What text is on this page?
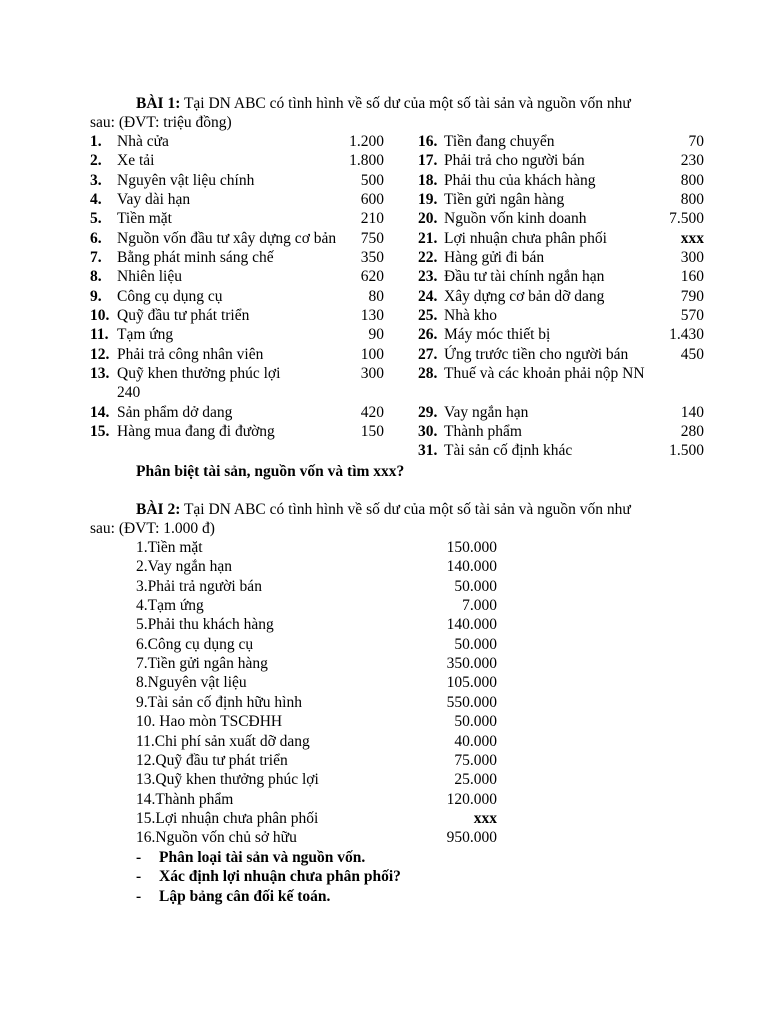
BÀI 1: Tại DN ABC có tình hình về số dư của một số tài sản và nguồn vốn như
sau: (ĐVT: triệu đồng)
1. Nhà cửa	1.200
2. Xe tải	1.800
3. Nguyên vật liệu chính	500
4. Vay dài hạn	600
5. Tiền mặt	210
6. Nguồn vốn đầu tư xây dựng cơ bản 750
7. Bằng phát minh sáng chế	350
8. Nhiên liệu	620
9. Công cụ dụng cụ	80
10. Quỹ đầu tư phát triển	130
11. Tạm ứng	90
12. Phải trả công nhân viên	100
13. Quỹ khen thưởng phúc lợi	300
240
14. Sản phẩm dở dang	420
15. Hàng mua đang đi đường	150
16. Tiền đang chuyển	70
17. Phải trả cho người bán	230
18. Phải thu của khách hàng	800
19. Tiền gửi ngân hàng	800
20. Nguồn vốn kinh doanh	7.500
21. Lợi nhuận chưa phân phối	xxx
22. Hàng gửi đi bán	300
23. Đầu tư tài chính ngắn hạn	160
24. Xây dựng cơ bản dỡ dang	790
25. Nhà kho	570
26. Máy móc thiết bị	1.430
27. Ứng trước tiền cho người bán	450
28. Thuế và các khoản phải nộp NN
29. Vay ngắn hạn	140
30. Thành phẩm	280
31. Tài sản cố định khác	1.500
Phân biệt tài sản, nguồn vốn và tìm xxx?
BÀI 2: Tại DN ABC có tình hình về số dư của một số tài sản và nguồn vốn như
sau: (ĐVT: 1.000 đ)
1.Tiền mặt	150.000
2.Vay ngắn hạn	140.000
3.Phải trả người bán	50.000
4.Tạm ứng	7.000
5.Phải thu khách hàng	140.000
6.Công cụ dụng cụ	50.000
7.Tiền gửi ngân hàng	350.000
8.Nguyên vật liệu	105.000
9.Tài sản cố định hữu hình	550.000
10. Hao mòn TSCĐHH	50.000
11.Chi phí sản xuất dỡ dang	40.000
12.Quỹ đầu tư phát triển	75.000
13.Quỹ khen thưởng phúc lợi	25.000
14.Thành phẩm	120.000
15.Lợi nhuận chưa phân phối	xxx
16.Nguồn vốn chủ sở hữu	950.000
- Phân loại tài sản và nguồn vốn.
- Xác định lợi nhuận chưa phân phối?
- Lập bảng cân đối kế toán.
